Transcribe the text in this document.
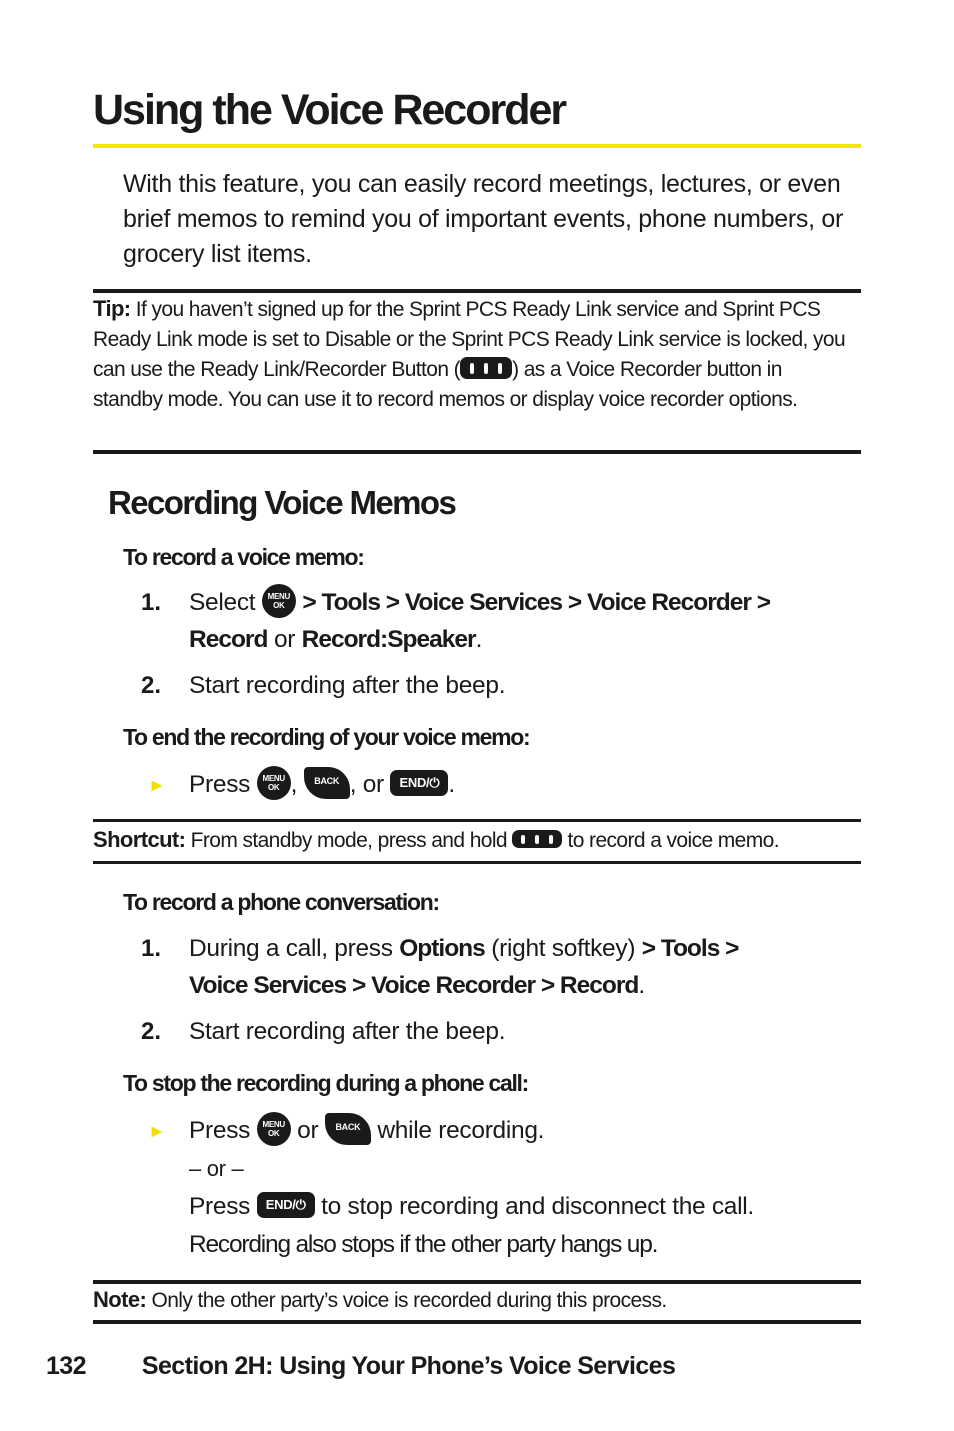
Using the Voice Recorder
With this feature, you can easily record meetings, lectures, or even brief memos to remind you of important events, phone numbers, or grocery list items.
Tip: If you haven’t signed up for the Sprint PCS Ready Link service and Sprint PCS Ready Link mode is set to Disable or the Sprint PCS Ready Link service is locked, you can use the Ready Link/Recorder Button ( ) as a Voice Recorder button in standby mode. You can use it to record memos or display voice recorder options.
Recording Voice Memos
To record a voice memo:
1. Select MENU
OK > Tools > Voice Services > Voice Recorder >
Record or Record:Speaker.
2. Start recording after the beep.
To end the recording of your voice memo:
► Press MENU
OK , BACK , or END/⏻ .
Shortcut: From standby mode, press and hold	to record a voice memo.
To record a phone conversation:
1. During a call, press Options (right softkey) > Tools >
Voice Services > Voice Recorder > Record.
2. Start recording after the beep.
To stop the recording during a phone call:
► Press MENU
OK or BACK while recording.
– or –
Press END/⏻ to stop recording and disconnect the call.
Recording also stops if the other party hangs up.
Note: Only the other party’s voice is recorded during this process.
132 Section 2H: Using Your Phone’s Voice Services
